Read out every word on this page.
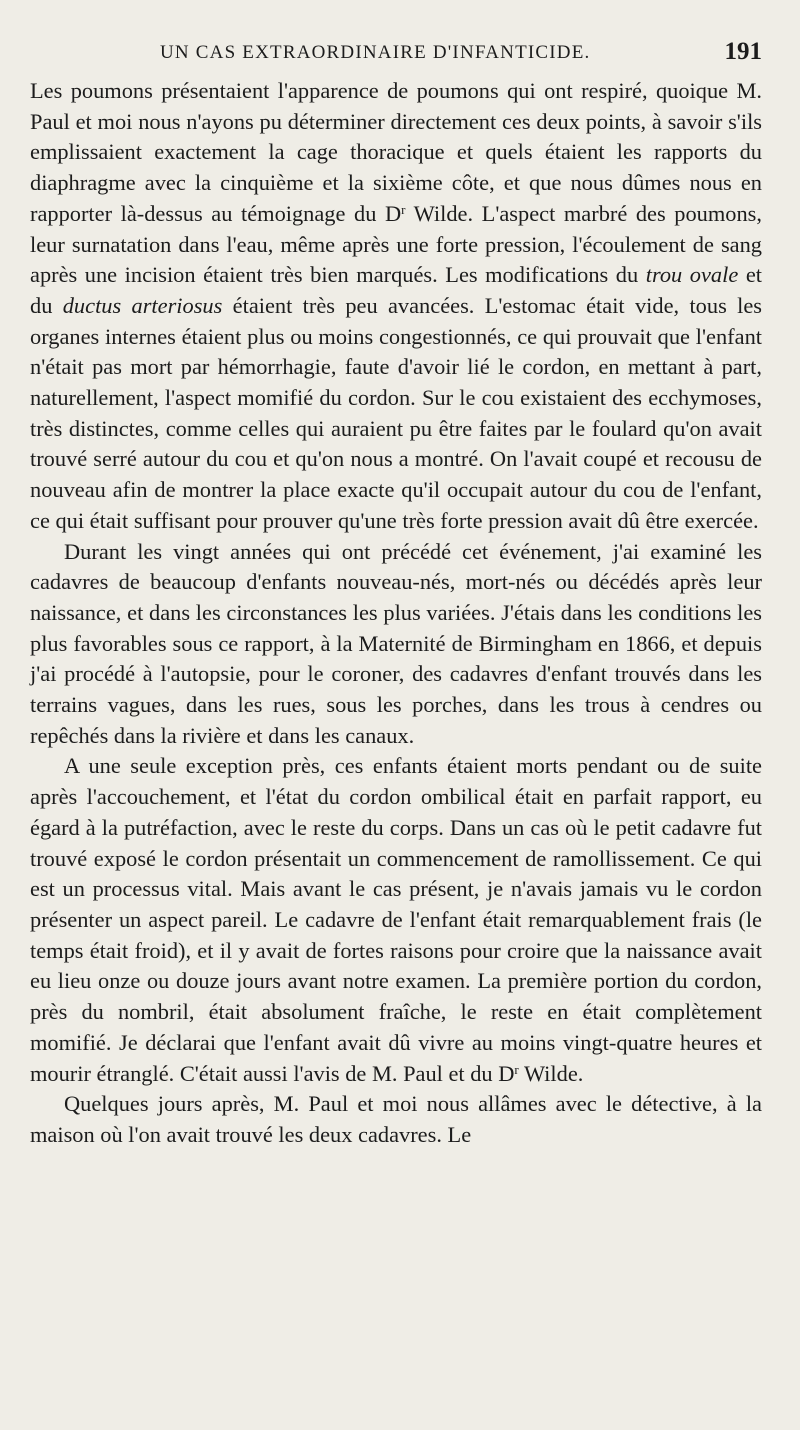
UN CAS EXTRAORDINAIRE D'INFANTICIDE.	191

Les poumons présentaient l'apparence de poumons qui ont respiré, quoique M. Paul et moi nous n'ayons pu déterminer directement ces deux points, à savoir s'ils emplissaient exactement la cage thoracique et quels étaient les rapports du diaphragme avec la cinquième et la sixième côte, et que nous dûmes nous en rapporter là-dessus au témoignage du $D^r$ Wilde. L'aspect marbré des poumons, leur surnatation dans l'eau, même après une forte pression, l'écoulement de sang après une incision étaient très bien marqués. Les modifications du trou ovale et du ductus arteriosus étaient très peu avancées. L'estomac était vide, tous les organes internes étaient plus ou moins congestionnés, ce qui prouvait que l'enfant n'était pas mort par hémorrhagie, faute d'avoir lié le cordon, en mettant à part, naturellement, l'aspect momifié du cordon. Sur le cou existaient des ecchymoses, très distinctes, comme celles qui auraient pu être faites par le foulard qu'on avait trouvé serré autour du cou et qu'on nous a montré. On l'avait coupé et recousu de nouveau afin de montrer la place exacte qu'il occupait autour du cou de l'enfant, ce qui était suffisant pour prouver qu'une très forte pression avait dû être exercée.

Durant les vingt années qui ont précédé cet événement, j'ai examiné les cadavres de beaucoup d'enfants nouveau-nés, mort-nés ou décédés après leur naissance, et dans les circonstances les plus variées. J'étais dans les conditions les plus favorables sous ce rapport, à la Maternité de Birmingham en 1866, et depuis j'ai procédé à l'autopsie, pour le coroner, des cadavres d'enfant trouvés dans les terrains vagues, dans les rues, sous les porches, dans les trous à cendres ou repêchés dans la rivière et dans les canaux.

A une seule exception près, ces enfants étaient morts pendant ou de suite après l'accouchement, et l'état du cordon ombilical était en parfait rapport, eu égard à la putréfaction, avec le reste du corps. Dans un cas où le petit cadavre fut trouvé exposé le cordon présentait un commencement de ramollissement. Ce qui est un processus vital. Mais avant le cas présent, je n'avais jamais vu le cordon présenter un aspect pareil. Le cadavre de l'enfant était remarquablement frais (le temps était froid), et il y avait de fortes raisons pour croire que la naissance avait eu lieu onze ou douze jours avant notre examen. La première portion du cordon, près du nombril, était absolument fraîche, le reste en était complètement momifié. Je déclarai que l'enfant avait dû vivre au moins vingt-quatre heures et mourir étranglé. C'était aussi l'avis de M. Paul et du $D^r$ Wilde.

Quelques jours après, M. Paul et moi nous allâmes avec le détective, à la maison où l'on avait trouvé les deux cadavres. Le
